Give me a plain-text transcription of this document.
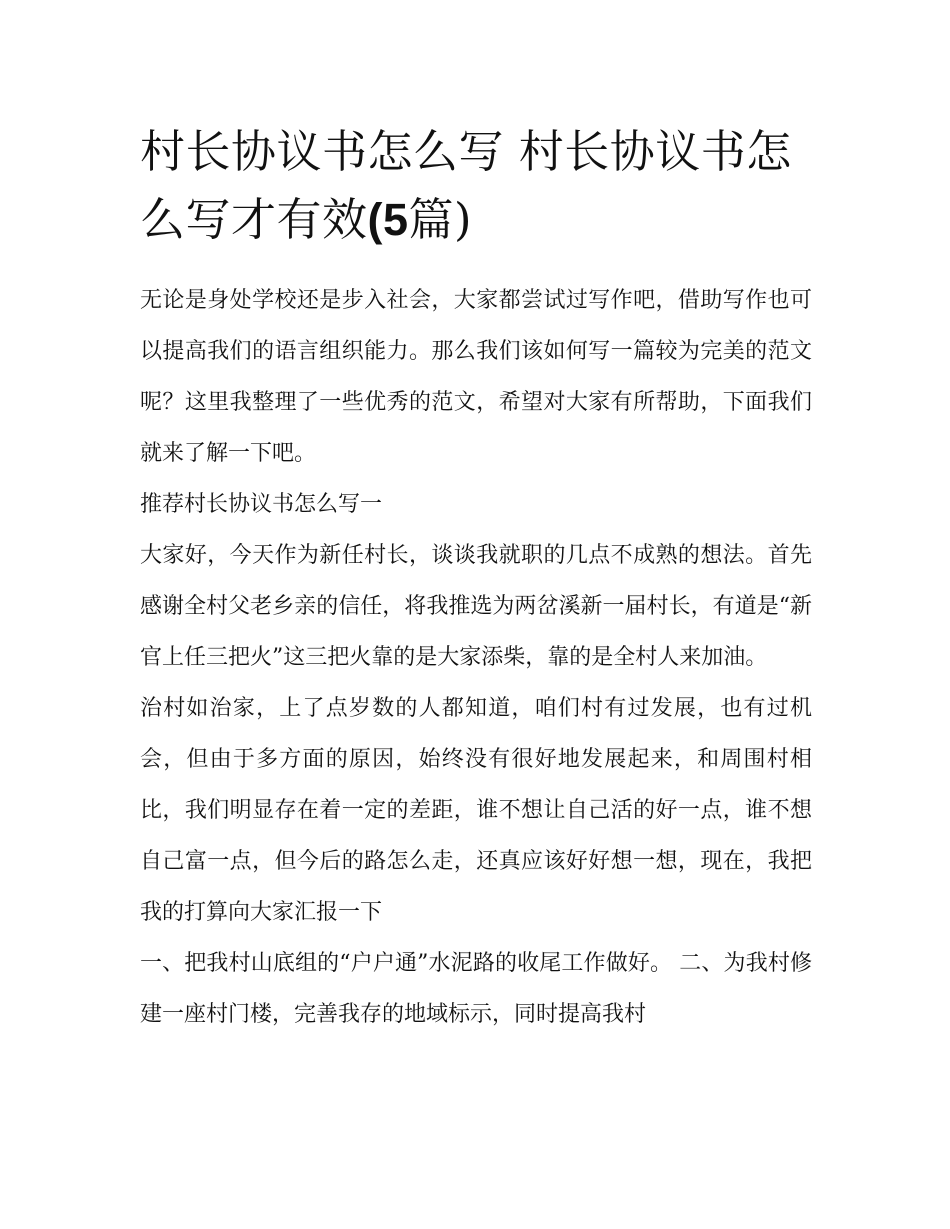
村长协议书怎么写 村长协议书怎么写才有效(5篇)

无论是身处学校还是步入社会，大家都尝试过写作吧，借助写作也可以提高我们的语言组织能力。那么我们该如何写一篇较为完美的范文呢？这里我整理了一些优秀的范文，希望对大家有所帮助，下面我们就来了解一下吧。

推荐村长协议书怎么写一

大家好，今天作为新任村长，谈谈我就职的几点不成熟的想法。首先感谢全村父老乡亲的信任，将我推选为两岔溪新一届村长，有道是“新官上任三把火”这三把火靠的是大家添柴，靠的是全村人来加油。

治村如治家，上了点岁数的人都知道，咱们村有过发展，也有过机会，但由于多方面的原因，始终没有很好地发展起来，和周围村相比，我们明显存在着一定的差距，谁不想让自己活的好一点，谁不想自己富一点，但今后的路怎么走，还真应该好好想一想，现在，我把我的打算向大家汇报一下

一、把我村山底组的“户户通”水泥路的收尾工作做好。 二、为我村修建一座村门楼，完善我存的地域标示，同时提高我村
